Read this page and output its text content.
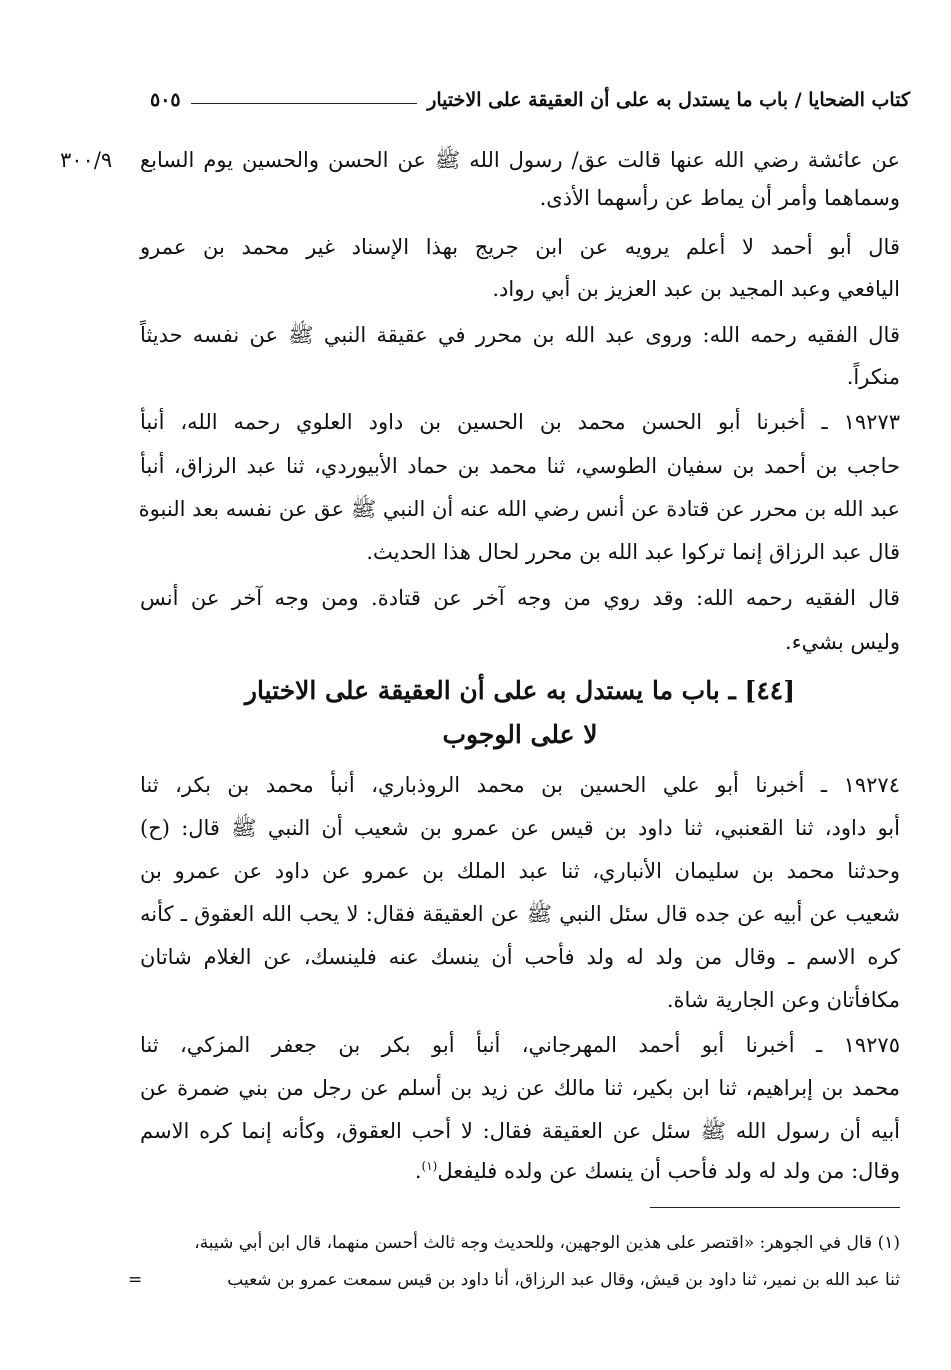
كتاب الضحايا / باب ما يستدل به على أن العقيقة على الاختيار
٥٠٥
٣٠٠/٩	عن عائشة رضي الله عنها قالت عق/ رسول الله ﷺ عن الحسن والحسين يوم السابع
وسماهما وأمر أن يماط عن رأسهما الأذى.
قال أبو أحمد لا أعلم يرويه عن ابن جريج بهذا الإسناد غير محمد بن عمرو
اليافعي وعبد المجيد بن عبد العزيز بن أبي رواد.
قال الفقيه رحمه الله: وروى عبد الله بن محرر في عقيقة النبي ﷺ عن نفسه حديثاً
منكراً.
١٩٢٧٣ ـ أخبرنا أبو الحسن محمد بن الحسين بن داود العلوي رحمه الله، أنبأ
حاجب بن أحمد بن سفيان الطوسي، ثنا محمد بن حماد الأبيوردي، ثنا عبد الرزاق، أنبأ
عبد الله بن محرر عن قتادة عن أنس رضي الله عنه أن النبي ﷺ عق عن نفسه بعد النبوة
قال عبد الرزاق إنما تركوا عبد الله بن محرر لحال هذا الحديث.
قال الفقيه رحمه الله: وقد روي من وجه آخر عن قتادة. ومن وجه آخر عن أنس
وليس بشيء.
[٤٤] ـ باب ما يستدل به على أن العقيقة على الاختيار
لا على الوجوب
١٩٢٧٤ ـ أخبرنا أبو علي الحسين بن محمد الروذباري، أنبأ محمد بن بكر، ثنا
أبو داود، ثنا القعنبي، ثنا داود بن قيس عن عمرو بن شعيب أن النبي ﷺ قال: (ح)
وحدثنا محمد بن سليمان الأنباري، ثنا عبد الملك بن عمرو عن داود عن عمرو بن
شعيب عن أبيه عن جده قال سئل النبي ﷺ عن العقيقة فقال: لا يحب الله العقوق ـ كأنه
كره الاسم ـ وقال من ولد له ولد فأحب أن ينسك عنه فلينسك، عن الغلام شاتان
مكافأتان وعن الجارية شاة.
١٩٢٧٥ ـ أخبرنا أبو أحمد المهرجاني، أنبأ أبو بكر بن جعفر المزكي، ثنا
محمد بن إبراهيم، ثنا ابن بكير، ثنا مالك عن زيد بن أسلم عن رجل من بني ضمرة عن
أبيه أن رسول الله ﷺ سئل عن العقيقة فقال: لا أحب العقوق، وكأنه إنما كره الاسم
وقال: من ولد له ولد فأحب أن ينسك عن ولده فليفعل$^{(١)}$.
(١) قال في الجوهر: «اقتصر على هذين الوجهين، وللحديث وجه ثالث أحسن منهما، قال ابن أبي شيبة،
ثنا عبد الله بن نمير، ثنا داود بن قيش، وقال عبد الرزاق، أنا داود بن قيس سمعت عمرو بن شعيب
=
